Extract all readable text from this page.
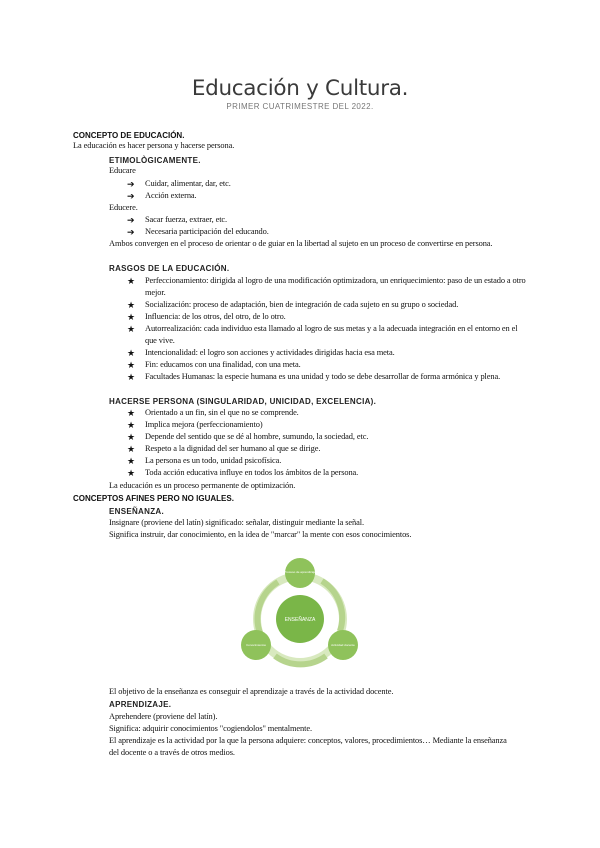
Educación y Cultura.
PRIMER CUATRIMESTRE DEL 2022.
CONCEPTO DE EDUCACIÓN.
La educación es hacer persona y hacerse persona.
ETIMOLÒGICAMENTE.
Educare
➔ Cuidar, alimentar, dar, etc.
➔ Acción externa.
Educere.
➔ Sacar fuerza, extraer, etc.
➔ Necesaria participación del educando.
Ambos convergen en el proceso de orientar o de guiar en la libertad al sujeto en un proceso de convertirse en persona.
RASGOS DE LA EDUCACIÓN.
★ Perfeccionamiento: dirigida al logro de una modificación optimizadora, un enriquecimiento: paso de un estado a otro mejor.
★ Socialización: proceso de adaptación, bien de integración de cada sujeto en su grupo o sociedad.
★ Influencia: de los otros, del otro, de lo otro.
★ Autorrealización: cada individuo esta llamado al logro de sus metas y a la adecuada integración en el entorno en el que vive.
★ Intencionalidad: el logro son acciones y actividades dirigidas hacia esa meta.
★ Fin: educamos con una finalidad, con una meta.
★ Facultades Humanas: la especie humana es una unidad y todo se debe desarrollar de forma armónica y plena.
HACERSE PERSONA (SINGULARIDAD, UNICIDAD, EXCELENCIA).
★ Orientado a un fin, sin el que no se comprende.
★ Implica mejora (perfeccionamiento)
★ Depende del sentido que se dé al hombre, sumundo, la sociedad, etc.
★ Respeto a la dignidad del ser humano al que se dirige.
★ La persona es un todo, unidad psicofísica.
★ Toda acción educativa influye en todos los ámbitos de la persona.
La educación es un proceso permanente de optimización.
CONCEPTOS AFINES PERO NO IGUALES.
ENSEÑANZA.
Insignare (proviene del latín) significado: señalar, distinguir mediante la señal.
Significa instruir, dar conocimiento, en la idea de "marcar" la mente con esos conocimientos.
ENSEÑANZA
Proceso de aprendizaje
Actividad docente
Conocimientos
El objetivo de la enseñanza es conseguir el aprendizaje a través de la actividad docente.
APRENDIZAJE.
Aprehendere (proviene del latín).
Significa: adquirir conocimientos "cogiendolos" mentalmente.
El aprendizaje es la actividad por la que la persona adquiere: conceptos, valores, procedimientos… Mediante la enseñanza del docente o a través de otros medios.
